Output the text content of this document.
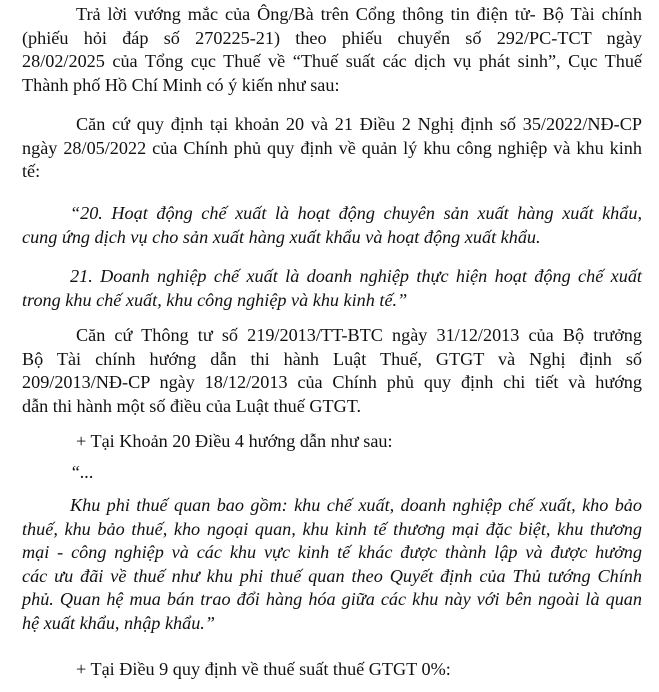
Trả lời vướng mắc của Ông/Bà trên Cổng thông tin điện tử- Bộ Tài chính
(phiếu hỏi đáp số 270225-21) theo phiếu chuyển số 292/PC-TCT ngày
28/02/2025 của Tổng cục Thuế về “Thuế suất các dịch vụ phát sinh”, Cục Thuế
Thành phố Hồ Chí Minh có ý kiến như sau:
Căn cứ quy định tại khoản 20 và 21 Điều 2 Nghị định số 35/2022/NĐ-CP
ngày 28/05/2022 của Chính phủ quy định về quản lý khu công nghiệp và khu kinh
tế:
“20. Hoạt động chế xuất là hoạt động chuyên sản xuất hàng xuất khẩu,
cung ứng dịch vụ cho sản xuất hàng xuất khẩu và hoạt động xuất khẩu.
21. Doanh nghiệp chế xuất là doanh nghiệp thực hiện hoạt động chế xuất
trong khu chế xuất, khu công nghiệp và khu kinh tế.”
Căn cứ Thông tư số 219/2013/TT-BTC ngày 31/12/2013 của Bộ trưởng
Bộ Tài chính hướng dẫn thi hành Luật Thuế, GTGT và Nghị định số
209/2013/NĐ-CP ngày 18/12/2013 của Chính phủ quy định chi tiết và hướng
dẫn thi hành một số điều của Luật thuế GTGT.
+ Tại Khoản 20 Điều 4 hướng dẫn như sau:
“...
Khu phi thuế quan bao gồm: khu chế xuất, doanh nghiệp chế xuất, kho bảo
thuế, khu bảo thuế, kho ngoại quan, khu kinh tế thương mại đặc biệt, khu thương
mại - công nghiệp và các khu vực kinh tế khác được thành lập và được hưởng
các ưu đãi về thuế như khu phi thuế quan theo Quyết định của Thủ tướng Chính
phủ. Quan hệ mua bán trao đổi hàng hóa giữa các khu này với bên ngoài là quan
hệ xuất khẩu, nhập khẩu.”
+ Tại Điều 9 quy định về thuế suất thuế GTGT 0%:
